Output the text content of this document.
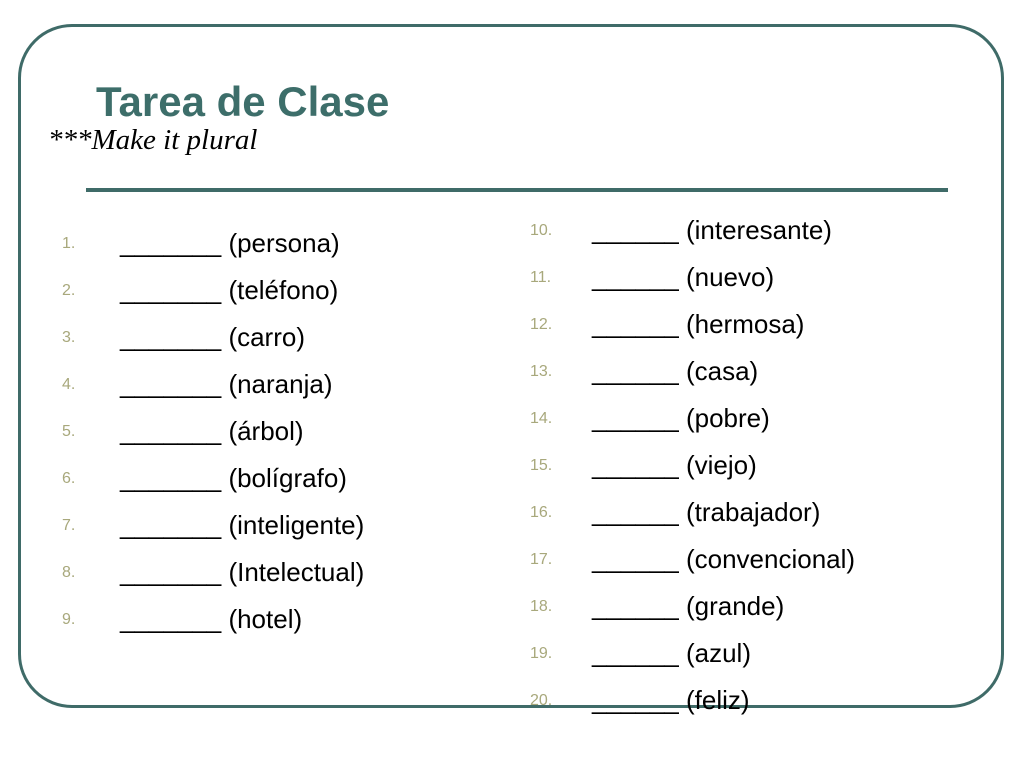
Tarea de Clase
***Make it plural
1. _______ (persona)
2. _______ (teléfono)
3. _______ (carro)
4. _______ (naranja)
5. _______ (árbol)
6. _______ (bolígrafo)
7. _______ (inteligente)
8. _______ (Intelectual)
9. _______ (hotel)
10. ______ (interesante)
11. ______ (nuevo)
12. ______ (hermosa)
13. ______ (casa)
14. ______ (pobre)
15. ______ (viejo)
16. ______ (trabajador)
17. ______ (convencional)
18. ______ (grande)
19. ______ (azul)
20. ______ (feliz)
